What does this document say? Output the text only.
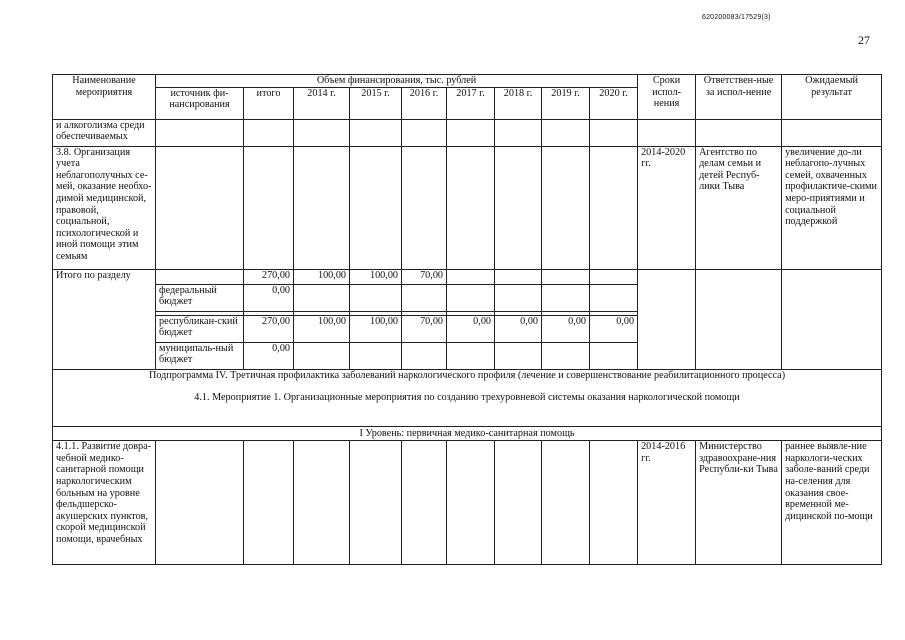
620200083/17529(3)
27
Наименование мероприятия	Объем финансирования, тыс. рублей									Сроки испол-нения	Ответствен-ные за испол-нение	Ожидаемый результат
	источник фи-нансирования	итого	2014 г.	2015 г.	2016 г.	2017 г.	2018 г.	2019 г.	2020 г.			
и алкоголизма среди обеспечиваемых												
3.8. Организация учета неблагополучных се-мей, оказание необхо-димой медицинской, правовой, социальной, психологической и иной помощи этим семьям										2014-2020 гг.	Агентство по делам семьи и детей Респуб-лики Тыва	увеличение до-ли неблагопо-лучных семей, охваченных профилактиче-скими меро-приятиями и социальной поддержкой
Итого по разделу		270,00	100,00	100,00	70,00							
	федеральный бюджет	0,00										

	республикан-ский бюджет	270,00	100,00	100,00	70,00	0,00	0,00	0,00	0,00			
	муниципаль-ный бюджет	0,00										

Подпрограмма IV. Третичная профилактика заболеваний наркологического профиля (лечение и совершенствование реабилитационного процесса)
4.1. Мероприятие 1. Организационные мероприятия по созданию трехуровневой системы оказания наркологической помощи												

I Уровень: первичная медико-санитарная помощь												
4.1.1. Развитие довра-чебной медико-санитарной помощи наркологическим больным на уровне фельдшерско-акушерских пунктов, скорой медицинской помощи, врачебных										2014-2016 гг.	Министерство здравоохране-ния Республи-ки Тыва	раннее выявле-ние наркологи-ческих заболе-ваний среди на-селения для оказания свое-временной ме-дицинской по-мощи
